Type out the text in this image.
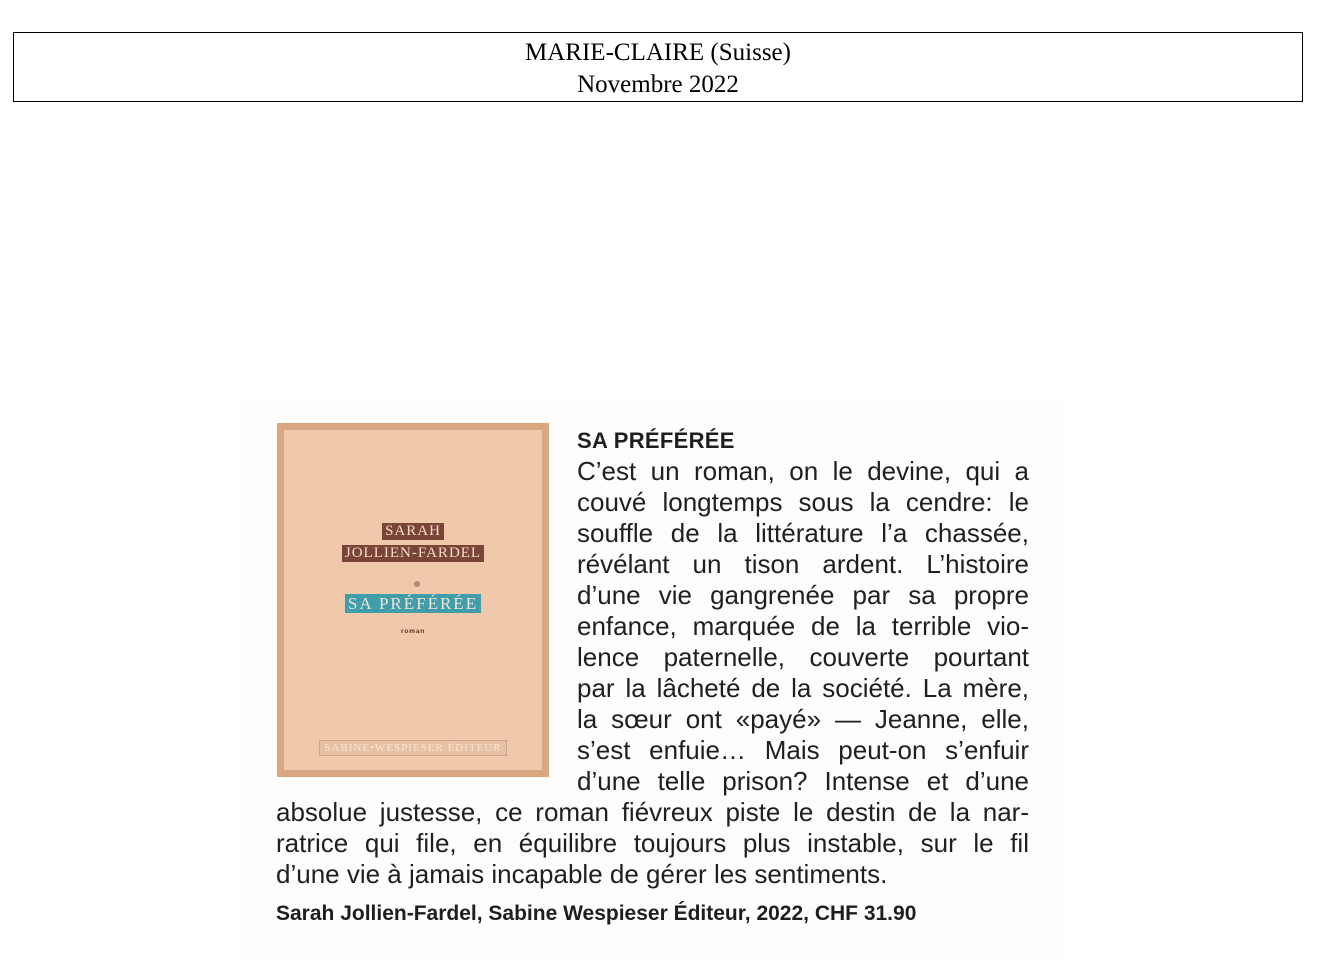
MARIE-CLAIRE (Suisse)
Novembre 2022
SARAH
JOLLIEN-FARDEL
SA PRÉFÉRÉE
roman
SABINE•WESPIESER ÉDITEUR
SA PRÉFÉRÉE
C’est un roman, on le devine, qui a
couvé longtemps sous la cendre: le
souffle de la littérature l’a chassée,
révélant un tison ardent. L’histoire
d’une vie gangrenée par sa propre
enfance, marquée de la terrible vio-
lence paternelle, couverte pourtant
par la lâcheté de la société. La mère,
la sœur ont «payé» — Jeanne, elle,
s’est enfuie… Mais peut-on s’enfuir
d’une telle prison? Intense et d’une
absolue justesse, ce roman fiévreux piste le destin de la nar-
ratrice qui file, en équilibre toujours plus instable, sur le fil
d’une vie à jamais incapable de gérer les sentiments.
Sarah Jollien-Fardel, Sabine Wespieser Éditeur, 2022, CHF 31.90
